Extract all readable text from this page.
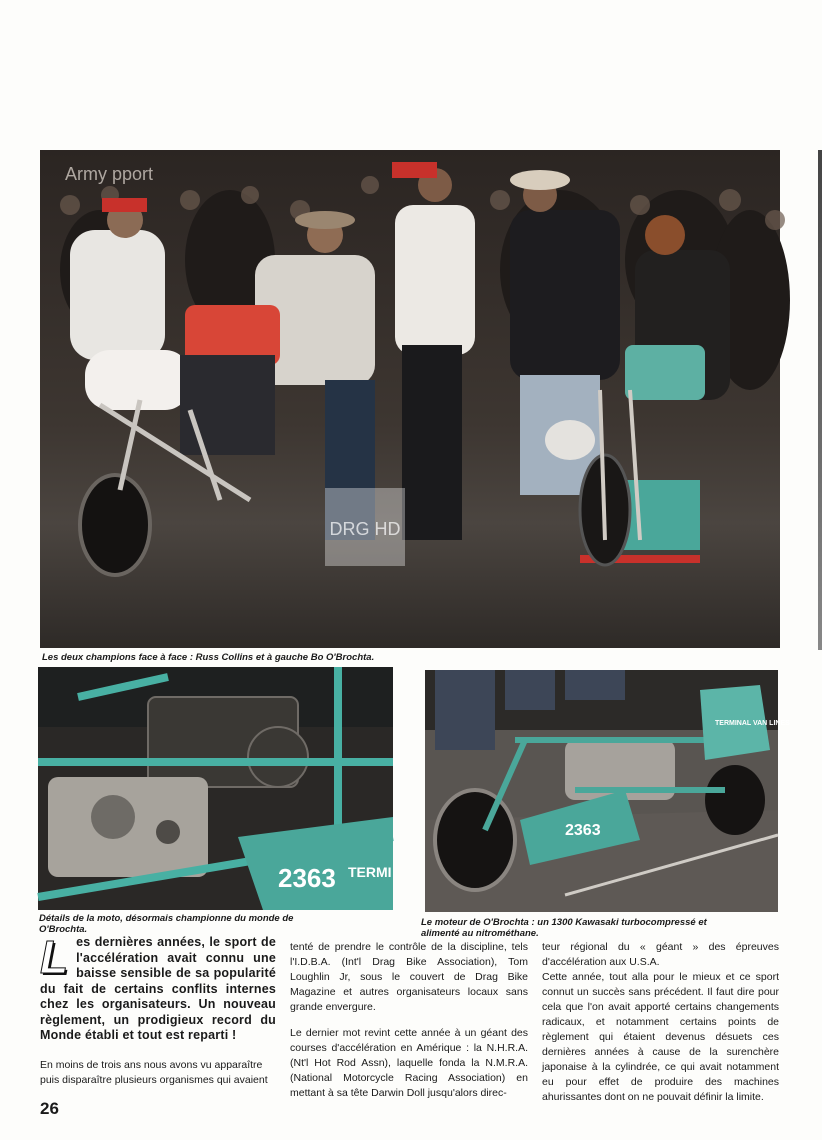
Army pport
DRG HD
Les deux champions face à face : Russ Collins et à gauche Bo O'Brochta.
2363 TERMI
2363
TERMINAL VAN LINES
Détails de la moto, désormais championne du monde de O'Brochta.
Le moteur de O'Brochta : un 1300 Kawasaki turbocompressé et alimenté au nitrométhane.
L es dernières années, le sport de l'accélération avait connu une baisse sensible de sa popularité du fait de certains conflits internes chez les organisateurs. Un nouveau règlement, un prodigieux record du Monde établi et tout est reparti !
En moins de trois ans nous avons vu apparaître puis disparaître plusieurs organismes qui avaient
tenté de prendre le contrôle de la discipline, tels l'I.D.B.A. (Int'l Drag Bike Association), Tom Loughlin Jr, sous le couvert de Drag Bike Magazine et autres organisateurs locaux sans grande envergure.
Le dernier mot revint cette année à un géant des courses d'accélération en Amérique : la N.H.R.A. (Nt'l Hot Rod Assn), laquelle fonda la N.M.R.A. (National Motorcycle Racing Association) en mettant à sa tête Darwin Doll jusqu'alors direc-
teur régional du « géant » des épreuves d'accélération aux U.S.A.
Cette année, tout alla pour le mieux et ce sport connut un succès sans précédent. Il faut dire pour cela que l'on avait apporté certains changements radicaux, et notamment certains points de règlement qui étaient devenus désuets ces dernières années à cause de la surenchère japonaise à la cylindrée, ce qui avait notamment eu pour effet de produire des machines ahurissantes dont on ne pouvait définir la limite.
26
